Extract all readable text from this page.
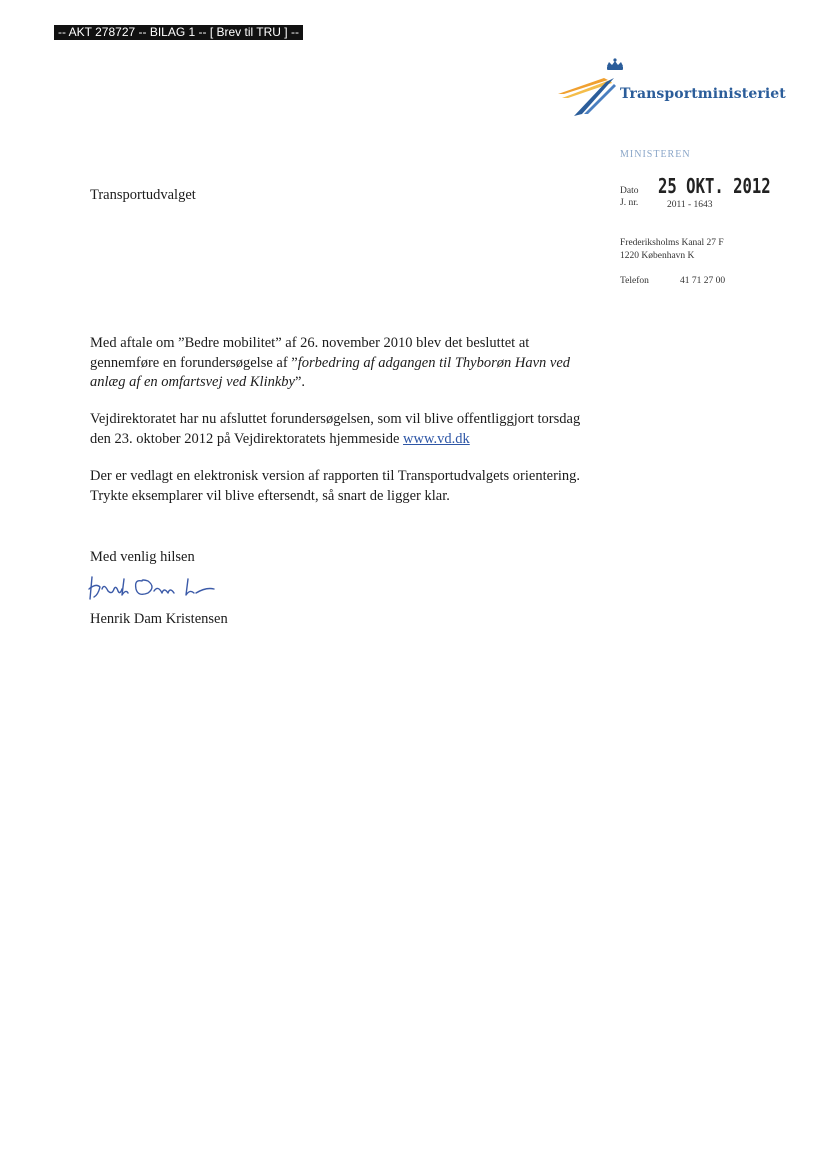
-- AKT 278727 -- BILAG 1 -- [ Brev til TRU ] --
Transportministeriet
MINISTEREN
Transportudvalget	Dato 25 OKT. 2012
J. nr.	2011 - 1643
Frederiksholms Kanal 27 F
1220 København K
Telefon	41 71 27 00

Med aftale om ”Bedre mobilitet” af 26. november 2010 blev det besluttet at gennemføre en forundersøgelse af ”forbedring af adgangen til Thyborøn Havn ved anlæg af en omfartsvej ved Klinkby”.

Vejdirektoratet har nu afsluttet forundersøgelsen, som vil blive offentliggjort torsdag den 23. oktober 2012 på Vejdirektoratets hjemmeside www.vd.dk

Der er vedlagt en elektronisk version af rapporten til Transportudvalgets orientering. Trykte eksemplarer vil blive eftersendt, så snart de ligger klar.

Med venlig hilsen
Henrik Dam Kristensen
